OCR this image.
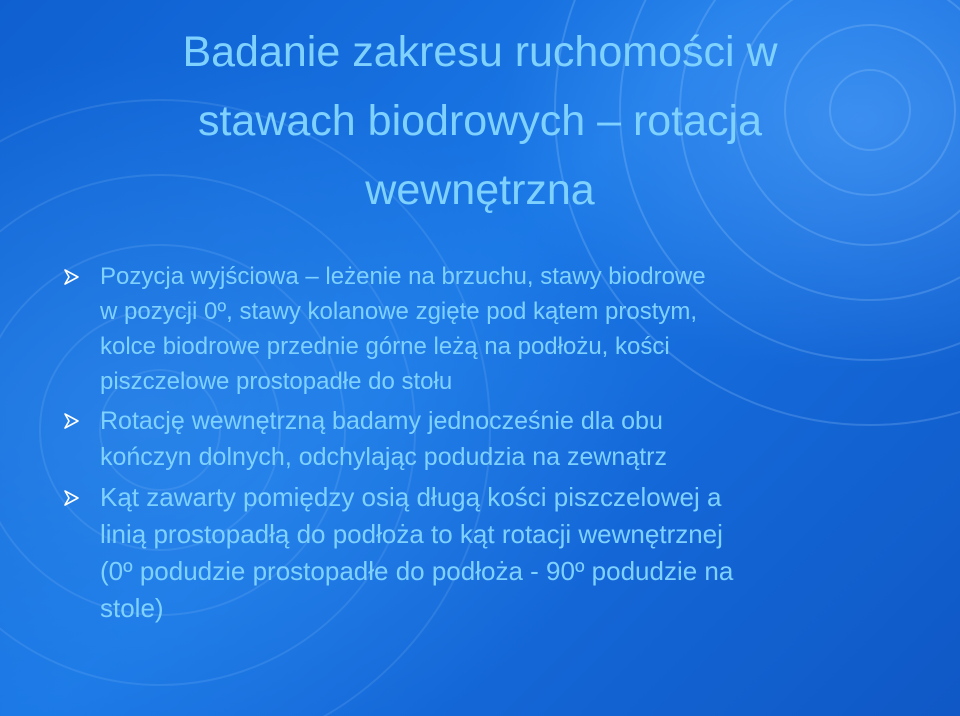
Badanie zakresu ruchomości w
stawach biodrowych – rotacja
wewnętrzna
Pozycja wyjściowa – leżenie na brzuchu, stawy biodrowe
w pozycji 0º, stawy kolanowe zgięte pod kątem prostym,
kolce biodrowe przednie górne leżą na podłożu, kości
piszczelowe prostopadłe do stołu
Rotację wewnętrzną badamy jednocześnie dla obu
kończyn dolnych, odchylając podudzia na zewnątrz
Kąt zawarty pomiędzy osią długą kości piszczelowej a
linią prostopadłą do podłoża to kąt rotacji wewnętrznej
(0º podudzie prostopadłe do podłoża - 90º podudzie na
stole)
